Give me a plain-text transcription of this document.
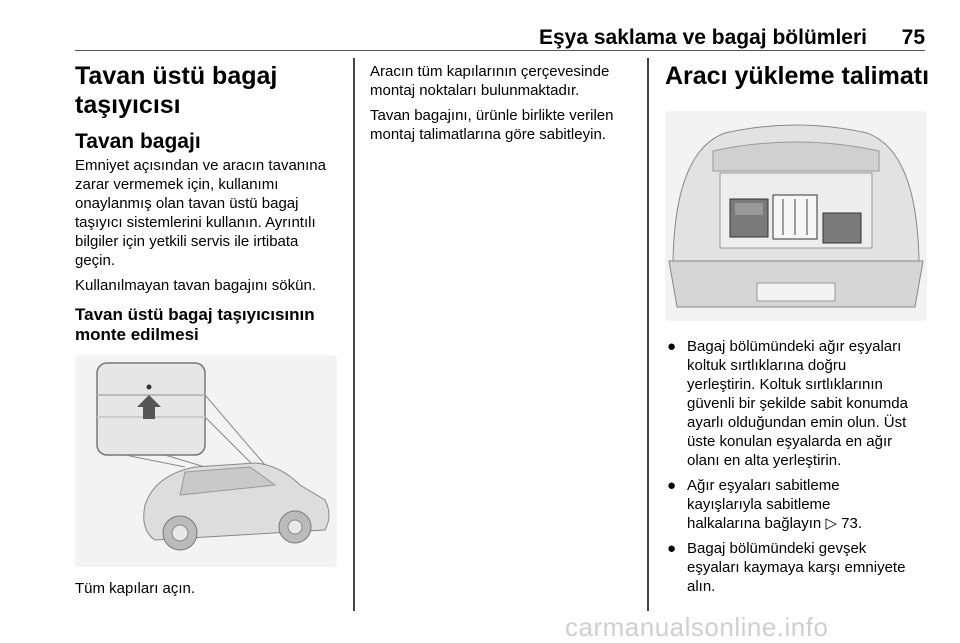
Eşya saklama ve bagaj bölümleri 75
Tavan üstü bagaj
taşıyıcısı
Tavan bagajı
Emniyet açısından ve aracın tavanına
zarar vermemek için, kullanımı
onaylanmış olan tavan üstü bagaj
taşıyıcı sistemlerini kullanın. Ayrıntılı
bilgiler için yetkili servis ile irtibata
geçin.
Kullanılmayan tavan bagajını sökün.
Tavan üstü bagaj taşıyıcısının
monte edilmesi
Tüm kapıları açın.
Aracın tüm kapılarının çerçevesinde
montaj noktaları bulunmaktadır.
Tavan bagajını, ürünle birlikte verilen
montaj talimatlarına göre sabitleyin.
Aracı yükleme talimatı
● Bagaj bölümündeki ağır eşyaları
koltuk sırtlıklarına doğru
yerleştirin. Koltuk sırtlıklarının
güvenli bir şekilde sabit konumda
ayarlı olduğundan emin olun. Üst
üste konulan eşyalarda en ağır
olanı en alta yerleştirin.
● Ağır eşyaları sabitleme
kayışlarıyla sabitleme
halkalarına bağlayın ▷ 73.
● Bagaj bölümündeki gevşek
eşyaları kaymaya karşı emniyete
alın.
carmanualsonline.info
